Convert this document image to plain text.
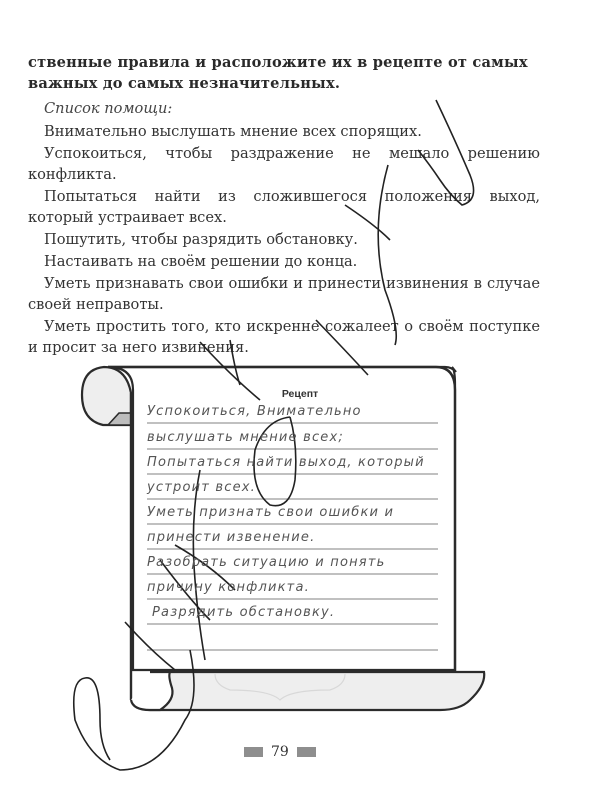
ственные правила и расположите их в рецепте от самых

важных до самых незначительных.

Список помощи:

Внимательно выслушать мнение всех спорящих.

Успокоиться, чтобы раздражение не мешало решению конфликта.

Попытаться найти из сложившегося положения выход, который устраивает всех.

Пошутить, чтобы разрядить обстановку.

Настаивать на своём решении до конца.

Уметь признавать свои ошибки и принести извинения в случае своей неправоты.

Уметь простить того, кто искренне сожалеет о своём поступке и просит за него извинения.

Рецепт
Успокоиться, Внимательно
выслушать мнение всех;
Попытаться найти выход, который
устроит всех.
Уметь признать свои ошибки и
принести извенение.
Разобрать ситуацию и понять
причину конфликта.
Разрядить обстановку.
79
